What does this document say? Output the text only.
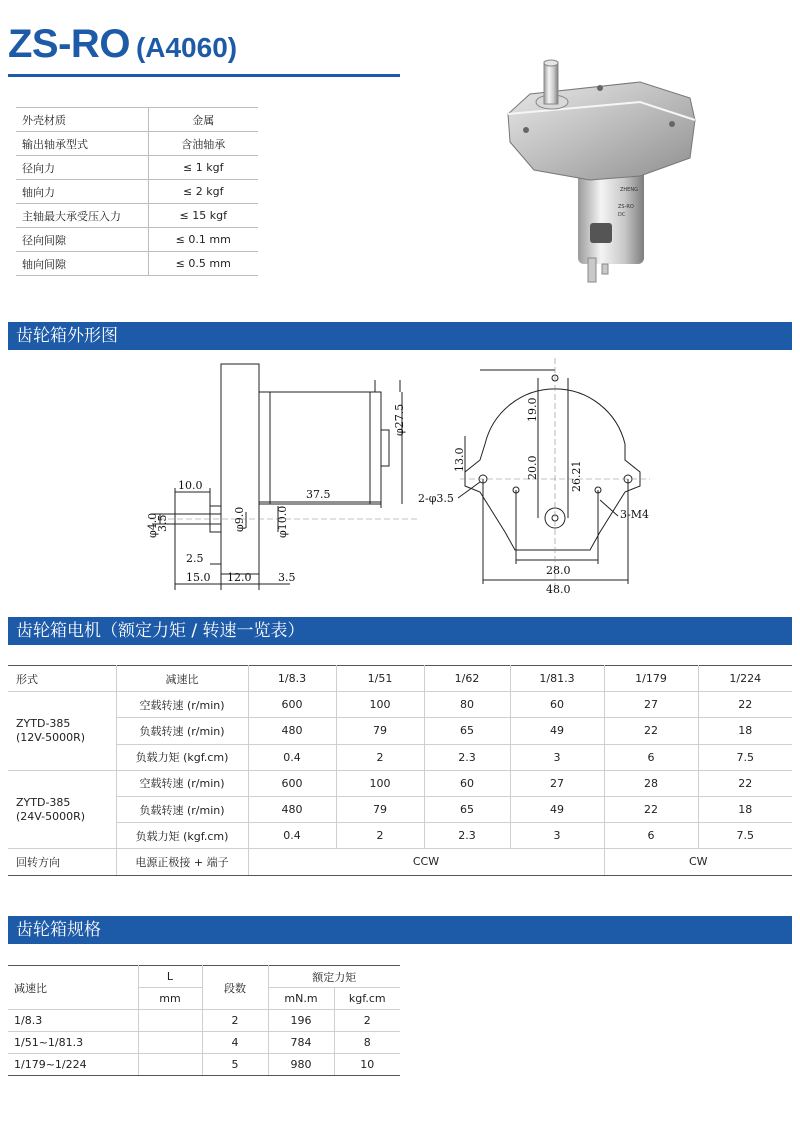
ZS-RO (A4060)
外壳材质	金属
输出轴承型式	含油轴承
径向力	≤ 1 kgf
轴向力	≤ 2 kgf
主轴最大承受压入力	≤ 15 kgf
径向间隙	≤ 0.1 mm
轴向间隙	≤ 0.5 mm
ZHENG
ZS-RO
DC
齿轮箱外形图
φ27.5
37.5
10.0
φ4.0
3.5	φ9.0	φ10.0
2.5
15.0 12.0 3.5
19.0
13.0	20.0	26.21
2-φ3.5
3-M4
28.0
48.0
齿轮箱电机（额定力矩 / 转速一览表）
形式	减速比	1/8.3	1/51	1/62	1/81.3	1/179	1/224

ZYTD-385
(12V-5000R)	空载转速 (r/min)	600	100	80	60	27	22
	负载转速 (r/min)	480	79	65	49	22	18
	负载力矩 (kgf.cm)	0.4	2	2.3	3	6	7.5

ZYTD-385
(24V-5000R)	空载转速 (r/min)	600	100	60	27	28	22
	负载转速 (r/min)	480	79	65	49	22	18
	负载力矩 (kgf.cm)	0.4	2	2.3	3	6	7.5
回转方向	电源正极接 + 端子	CCW				CW	
齿轮箱规格
减速比	L	段数	额定力矩	
	mm		mN.m	kgf.cm
1/8.3		2	196	2
1/51~1/81.3		4	784	8
1/179~1/224		5	980	10
